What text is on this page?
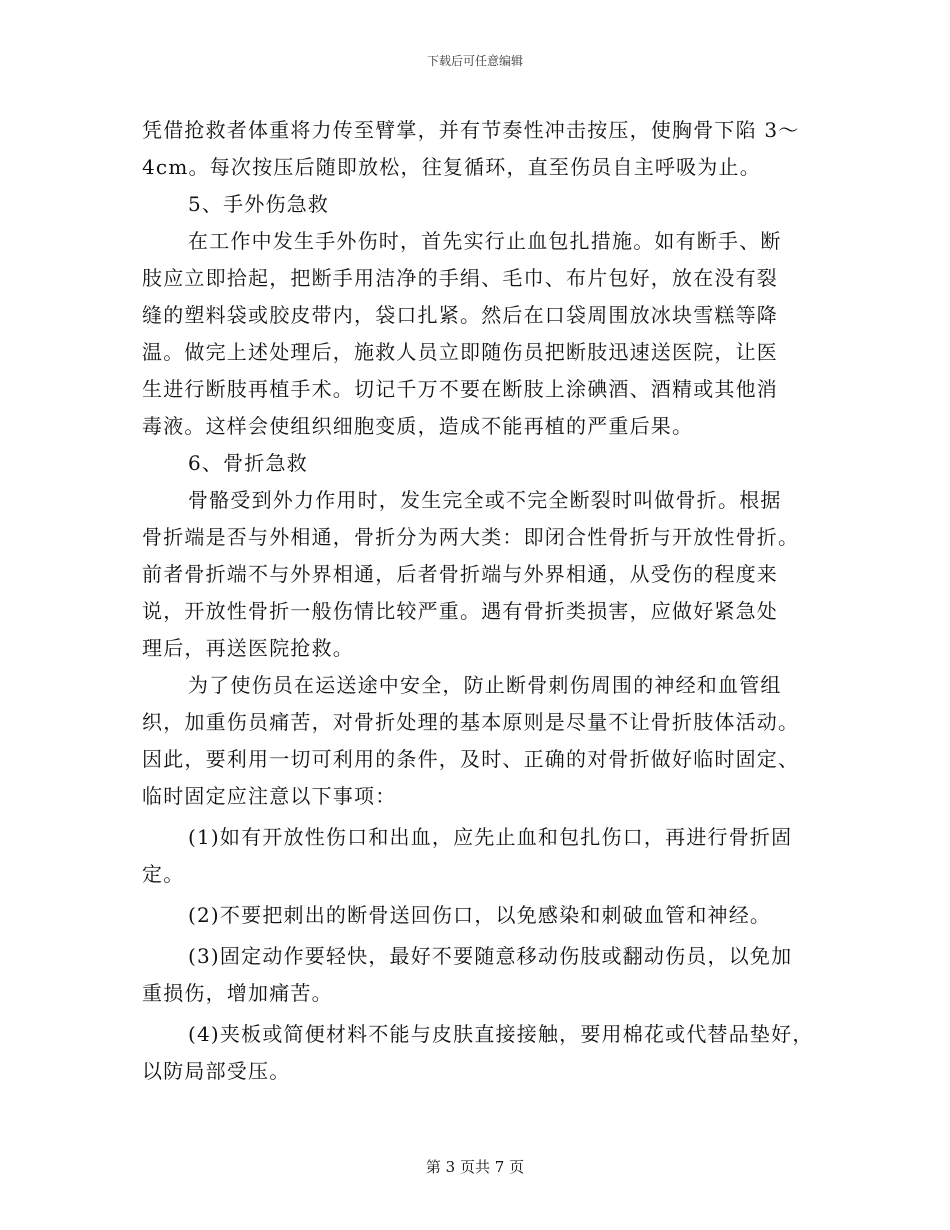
下载后可任意编辑
凭借抢救者体重将力传至臂掌，并有节奏性冲击按压，使胸骨下陷 3～
4cm。每次按压后随即放松，往复循环，直至伤员自主呼吸为止。
5、手外伤急救
在工作中发生手外伤时，首先实行止血包扎措施。如有断手、断
肢应立即拾起，把断手用洁净的手绢、毛巾、布片包好，放在没有裂
缝的塑料袋或胶皮带内，袋口扎紧。然后在口袋周围放冰块雪糕等降
温。做完上述处理后，施救人员立即随伤员把断肢迅速送医院，让医
生进行断肢再植手术。切记千万不要在断肢上涂碘酒、酒精或其他消
毒液。这样会使组织细胞变质，造成不能再植的严重后果。
6、骨折急救
骨骼受到外力作用时，发生完全或不完全断裂时叫做骨折。根据
骨折端是否与外相通，骨折分为两大类：即闭合性骨折与开放性骨折。
前者骨折端不与外界相通，后者骨折端与外界相通，从受伤的程度来
说，开放性骨折一般伤情比较严重。遇有骨折类损害，应做好紧急处
理后，再送医院抢救。
为了使伤员在运送途中安全，防止断骨刺伤周围的神经和血管组
织，加重伤员痛苦，对骨折处理的基本原则是尽量不让骨折肢体活动。
因此，要利用一切可利用的条件，及时、正确的对骨折做好临时固定、
临时固定应注意以下事项：
(1)如有开放性伤口和出血，应先止血和包扎伤口，再进行骨折固
定。
(2)不要把刺出的断骨送回伤口，以免感染和刺破血管和神经。
(3)固定动作要轻快，最好不要随意移动伤肢或翻动伤员，以免加
重损伤，增加痛苦。
(4)夹板或简便材料不能与皮肤直接接触，要用棉花或代替品垫好，
以防局部受压。
第 3 页共 7 页
